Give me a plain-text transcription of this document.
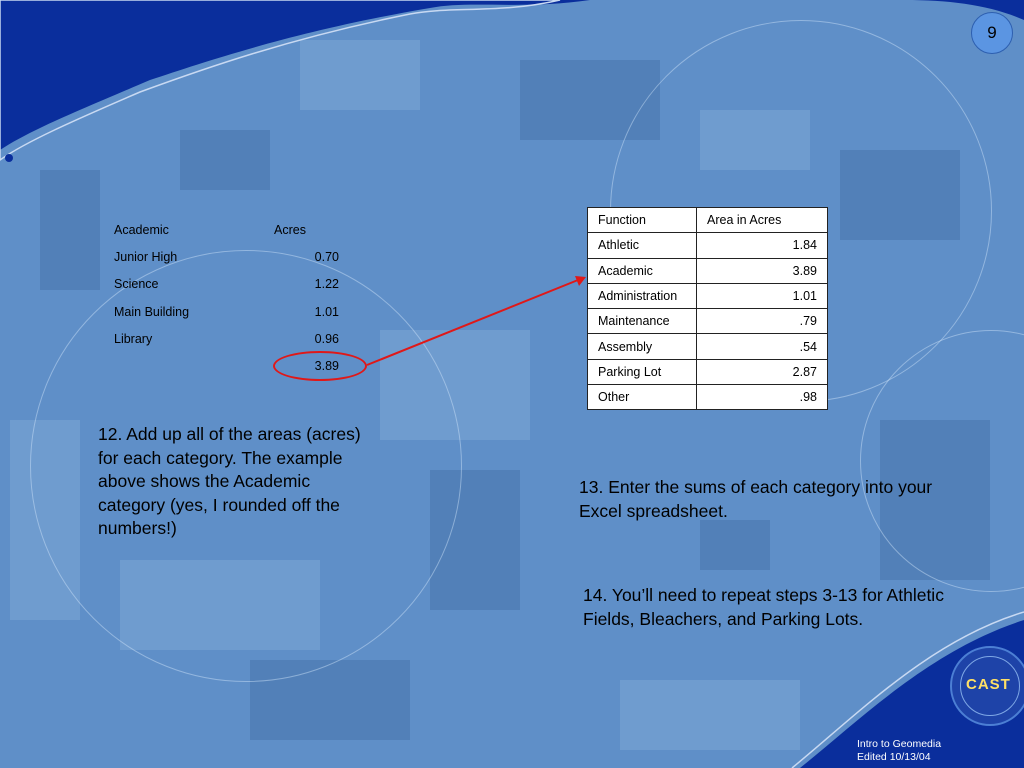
9
Academic	Acres
Junior High	0.70
Science	1.22
Main Building	1.01
Library	0.96
	3.89
Function	Area in Acres
Athletic	1.84
Academic	3.89
Administration	1.01
Maintenance	.79
Assembly	.54
Parking Lot	2.87
Other	.98
12. Add up all of the areas (acres) for each category. The example above shows the Academic category (yes, I rounded off the numbers!)
13. Enter the sums of each category into your Excel spreadsheet.
14. You’ll need to repeat steps 3-13 for Athletic Fields, Bleachers, and Parking Lots.
CAST
Intro to Geomedia
Edited 10/13/04
